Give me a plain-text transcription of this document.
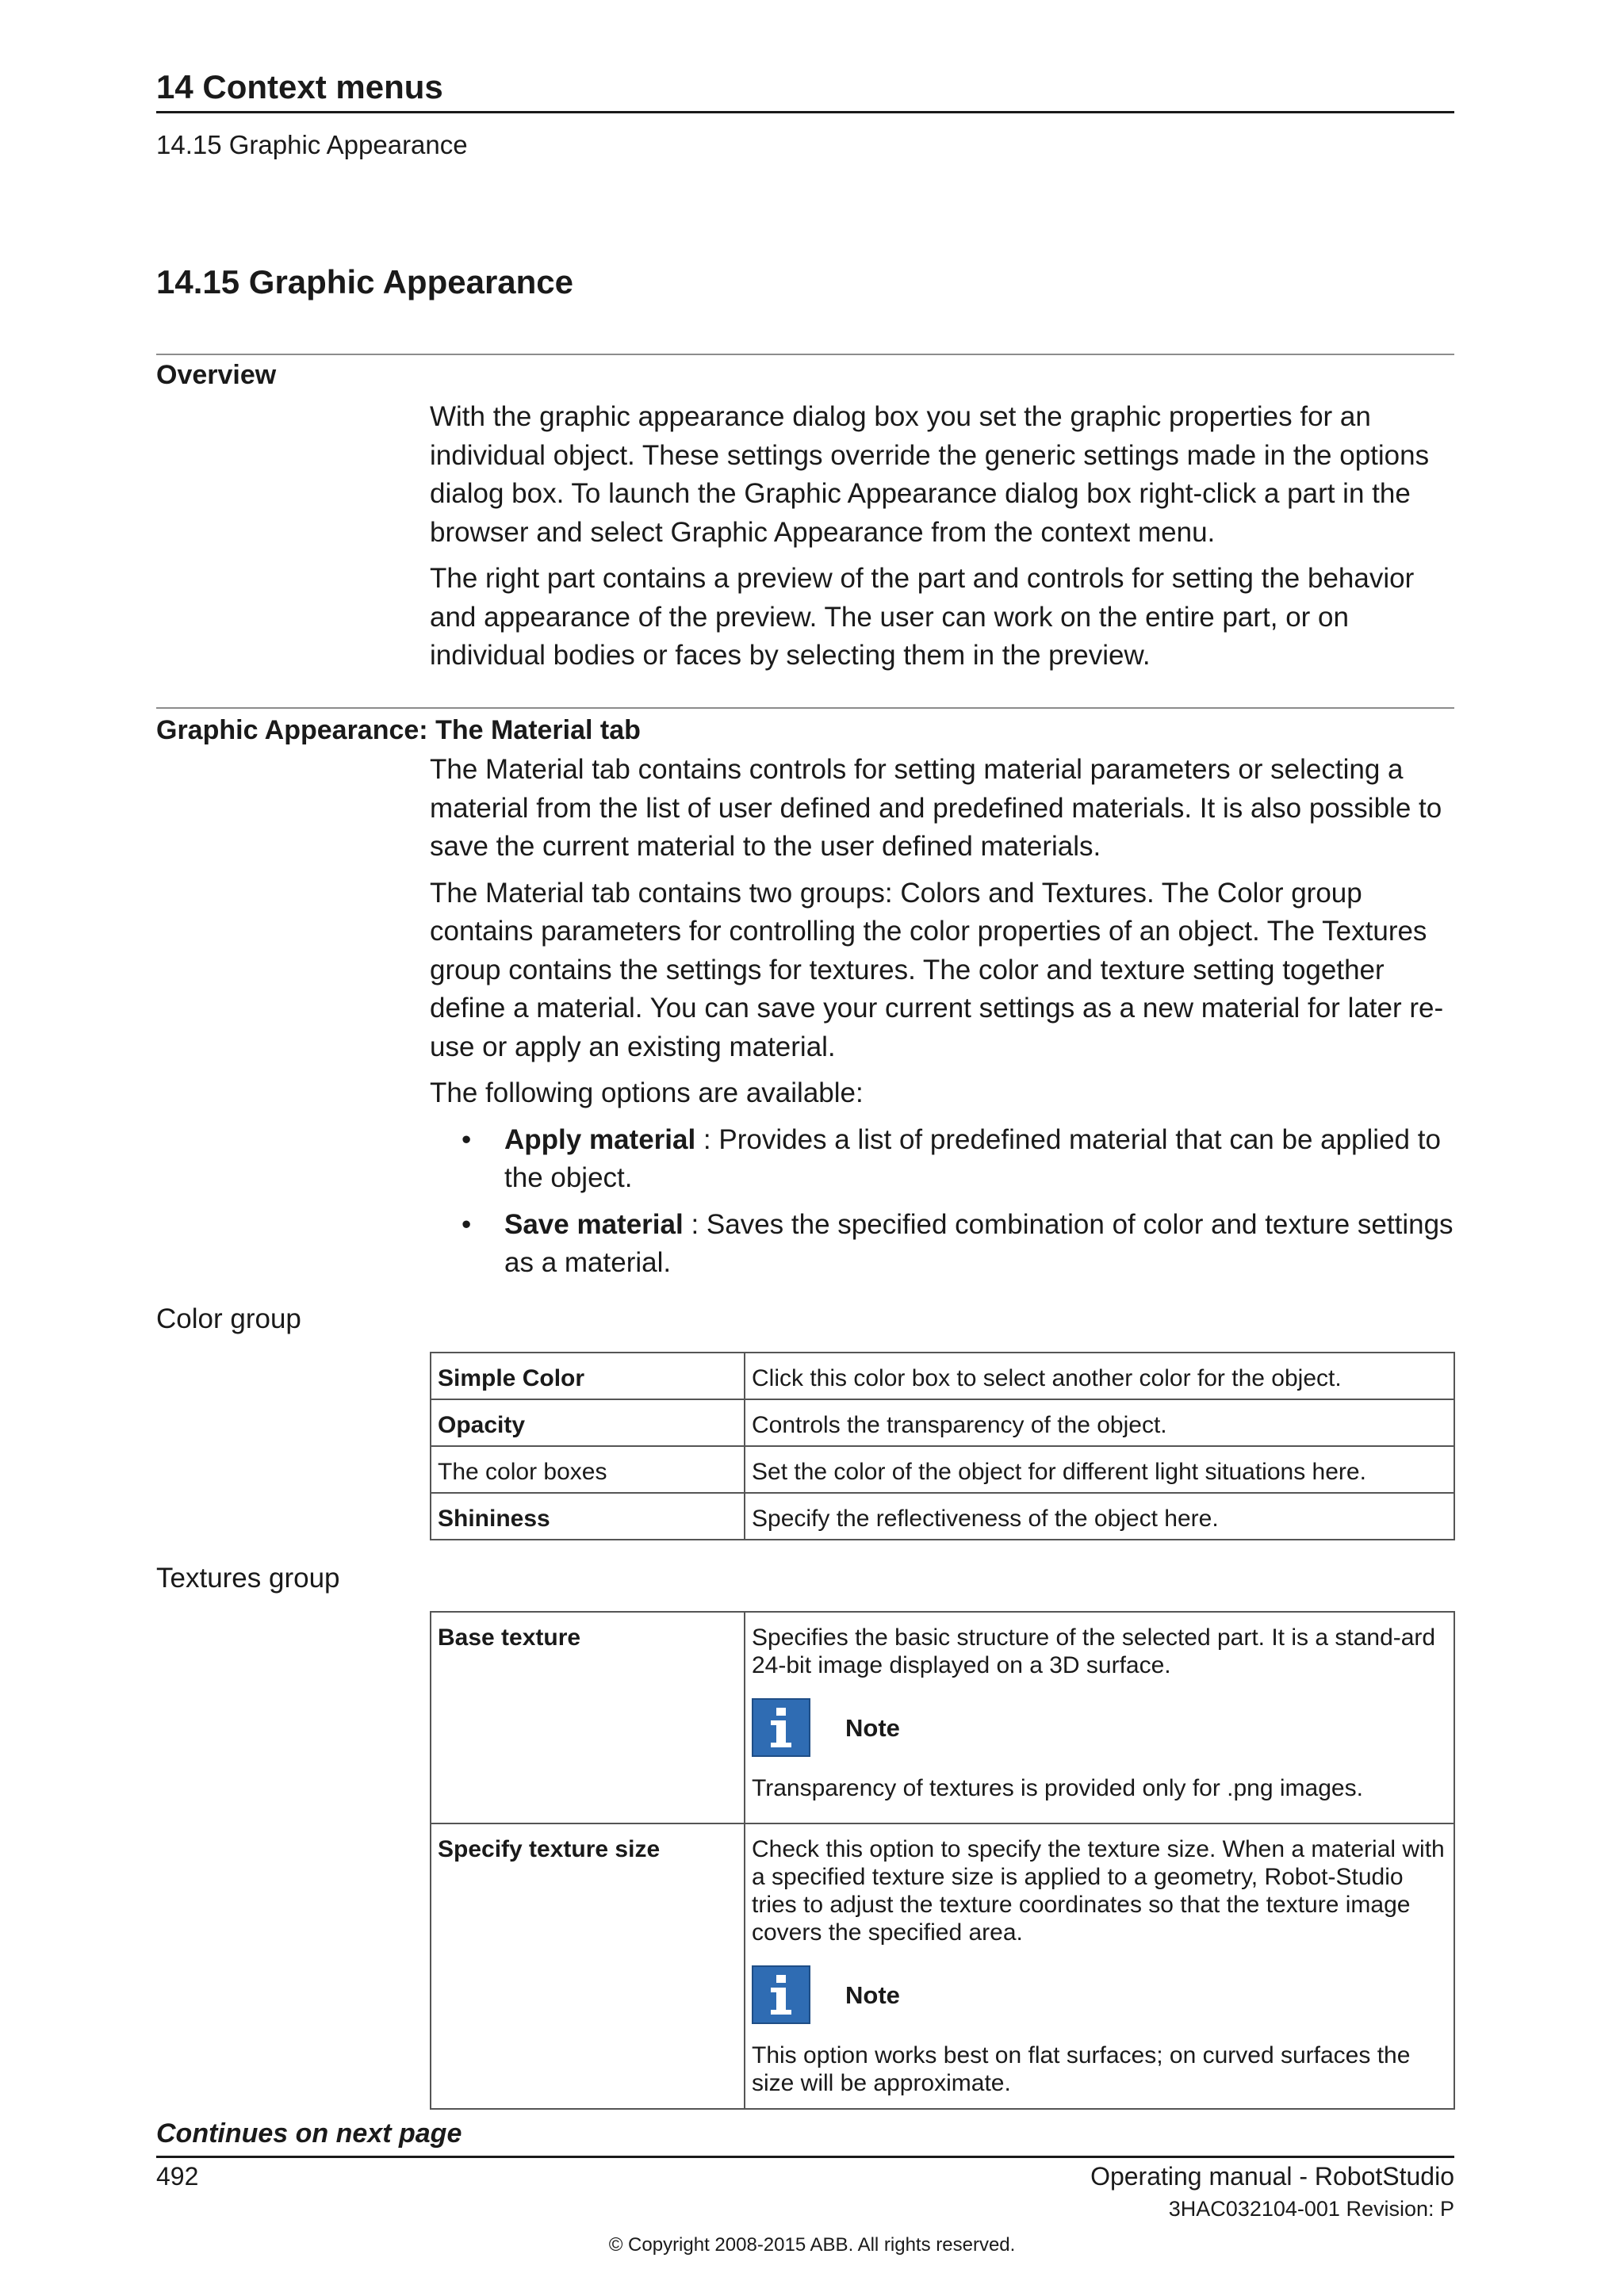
14 Context menus
14.15 Graphic Appearance
14.15 Graphic Appearance
Overview

With the graphic appearance dialog box you set the graphic properties for an individual object. These settings override the generic settings made in the options dialog box. To launch the Graphic Appearance dialog box right-click a part in the browser and select Graphic Appearance from the context menu.

The right part contains a preview of the part and controls for setting the behavior and appearance of the preview. The user can work on the entire part, or on individual bodies or faces by selecting them in the preview.

Graphic Appearance: The Material tab

The Material tab contains controls for setting material parameters or selecting a material from the list of user defined and predefined materials. It is also possible to save the current material to the user defined materials.

The Material tab contains two groups: Colors and Textures. The Color group contains parameters for controlling the color properties of an object. The Textures group contains the settings for textures. The color and texture setting together define a material. You can save your current settings as a new material for later re-use or apply an existing material.

The following options are available:

• Apply material : Provides a list of predefined material that can be applied to the object.
• Save material : Saves the specified combination of color and texture settings as a material.
Color group
Simple Color	Click this color box to select another color for the object.
Opacity	Controls the transparency of the object.
The color boxes	Set the color of the object for different light situations here.
Shininess	Specify the reflectiveness of the object here.
Textures group
Base texture	Specifies the basic structure of the selected part. It is a stand-ard 24-bit image displayed on a 3D surface.
Note
Transparency of textures is provided only for .png images.

Specify texture size	Check this option to specify the texture size. When a material with a specified texture size is applied to a geometry, Robot-Studio tries to adjust the texture coordinates so that the texture image covers the specified area.
Note
This option works best on flat surfaces; on curved surfaces the size will be approximate.
Continues on next page
492	Operating manual - RobotStudio
3HAC032104-001 Revision: P
© Copyright 2008-2015 ABB. All rights reserved.
